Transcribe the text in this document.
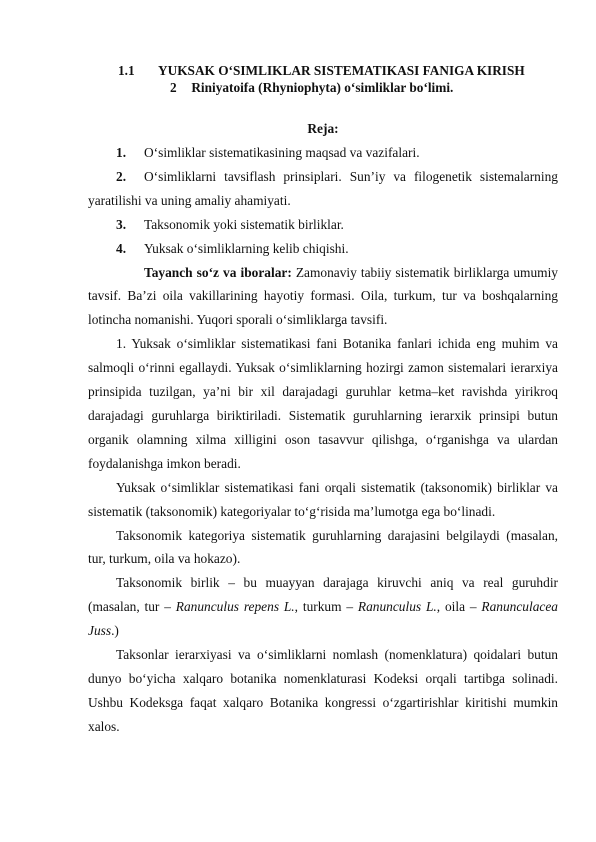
1.1 YUKSAK O‘SIMLIKLAR SISTEMATIKASI FANIGA KIRISH
2 Riniyatoifa (Rhyniophyta) o‘simliklar bo‘limi.
Reja:
1.	O‘simliklar sistematikasining maqsad va vazifalari.
2. O‘simliklarni tavsiflash prinsiplari. Sun’iy va filogenetik sistemalarning yaratilishi va uning amaliy ahamiyati.
3.	Taksonomik yoki sistematik birliklar.
4.	Yuksak o‘simliklarning kelib chiqishi.

Tayanch so‘z va iboralar: Zamonaviy tabiiy sistematik birliklarga umumiy tavsif. Ba’zi oila vakillarining hayotiy formasi. Oila, turkum, tur va boshqalarning lotincha nomanishi. Yuqori sporali o‘simliklarga tavsifi.

1. Yuksak o‘simliklar sistematikasi fani Botanika fanlari ichida eng muhim va salmoqli o‘rinni egallaydi. Yuksak o‘simliklarning hozirgi zamon sistemalari ierarxiya prinsipida tuzilgan, ya’ni bir xil darajadagi guruhlar ketma–ket ravishda yirikroq darajadagi guruhlarga biriktiriladi. Sistematik guruhlarning ierarxik prinsipi butun organik olamning xilma xilligini oson tasavvur qilishga, o‘rganishga va ulardan foydalanishga imkon beradi.

Yuksak o‘simliklar sistematikasi fani orqali sistematik (taksonomik) birliklar va sistematik (taksonomik) kategoriyalar to‘g‘risida ma’lumotga ega bo‘linadi.

Taksonomik kategoriya sistematik guruhlarning darajasini belgilaydi (masalan, tur, turkum, oila va hokazo).

Taksonomik birlik – bu muayyan darajaga kiruvchi aniq va real guruhdir (masalan, tur – Ranunculus repens L., turkum – Ranunculus L., oila – Ranunculacea Juss.)

Taksonlar ierarxiyasi va o‘simliklarni nomlash (nomenklatura) qoidalari butun dunyo bo‘yicha xalqaro botanika nomenklaturasi Kodeksi orqali tartibga solinadi. Ushbu Kodeksga faqat xalqaro Botanika kongressi o‘zgartirishlar kiritishi mumkin xalos.
